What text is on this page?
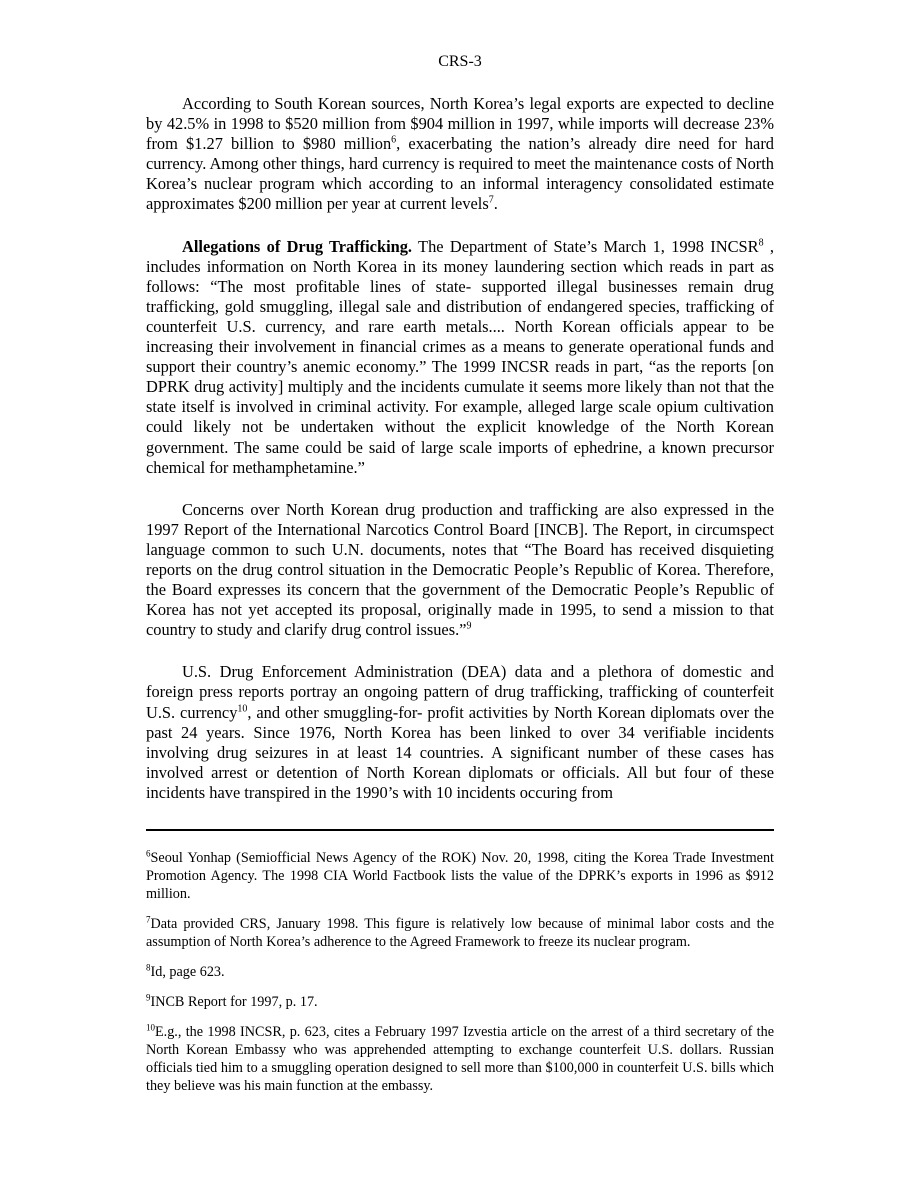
CRS-3

According to South Korean sources, North Korea’s legal exports are expected to decline by 42.5% in 1998 to $520 million from $904 million in 1997, while imports will decrease 23% from $1.27 billion to $980 million$^6$, exacerbating the nation’s already dire need for hard currency. Among other things, hard currency is required to meet the maintenance costs of North Korea’s nuclear program which according to an informal interagency consolidated estimate approximates $200 million per year at current levels$^7$.

Allegations of Drug Trafficking. The Department of State’s March 1, 1998 INCSR$^8$ , includes information on North Korea in its money laundering section which reads in part as follows: “The most profitable lines of state- supported illegal businesses remain drug trafficking, gold smuggling, illegal sale and distribution of endangered species, trafficking of counterfeit U.S. currency, and rare earth metals.... North Korean officials appear to be increasing their involvement in financial crimes as a means to generate operational funds and support their country’s anemic economy.” The 1999 INCSR reads in part, “as the reports [on DPRK drug activity] multiply and the incidents cumulate it seems more likely than not that the state itself is involved in criminal activity. For example, alleged large scale opium cultivation could likely not be undertaken without the explicit knowledge of the North Korean government. The same could be said of large scale imports of ephedrine, a known precursor chemical for methamphetamine.”

Concerns over North Korean drug production and trafficking are also expressed in the 1997 Report of the International Narcotics Control Board [INCB]. The Report, in circumspect language common to such U.N. documents, notes that “The Board has received disquieting reports on the drug control situation in the Democratic People’s Republic of Korea. Therefore, the Board expresses its concern that the government of the Democratic People’s Republic of Korea has not yet accepted its proposal, originally made in 1995, to send a mission to that country to study and clarify drug control issues.”$^9$

U.S. Drug Enforcement Administration (DEA) data and a plethora of domestic and foreign press reports portray an ongoing pattern of drug trafficking, trafficking of counterfeit U.S. currency$^{10}$, and other smuggling-for- profit activities by North Korean diplomats over the past 24 years. Since 1976, North Korea has been linked to over 34 verifiable incidents involving drug seizures in at least 14 countries. A significant number of these cases has involved arrest or detention of North Korean diplomats or officials. All but four of these incidents have transpired in the 1990’s with 10 incidents occuring from

$^6$Seoul Yonhap (Semiofficial News Agency of the ROK) Nov. 20, 1998, citing the Korea Trade Investment Promotion Agency. The 1998 CIA World Factbook lists the value of the DPRK’s exports in 1996 as $912 million.

$^7$Data provided CRS, January 1998. This figure is relatively low because of minimal labor costs and the assumption of North Korea’s adherence to the Agreed Framework to freeze its nuclear program.

$^8$Id, page 623.

$^9$INCB Report for 1997, p. 17.

$^{10}$E.g., the 1998 INCSR, p. 623, cites a February 1997 Izvestia article on the arrest of a third secretary of the North Korean Embassy who was apprehended attempting to exchange counterfeit U.S. dollars. Russian officials tied him to a smuggling operation designed to sell more than $100,000 in counterfeit U.S. bills which they believe was his main function at the embassy.
